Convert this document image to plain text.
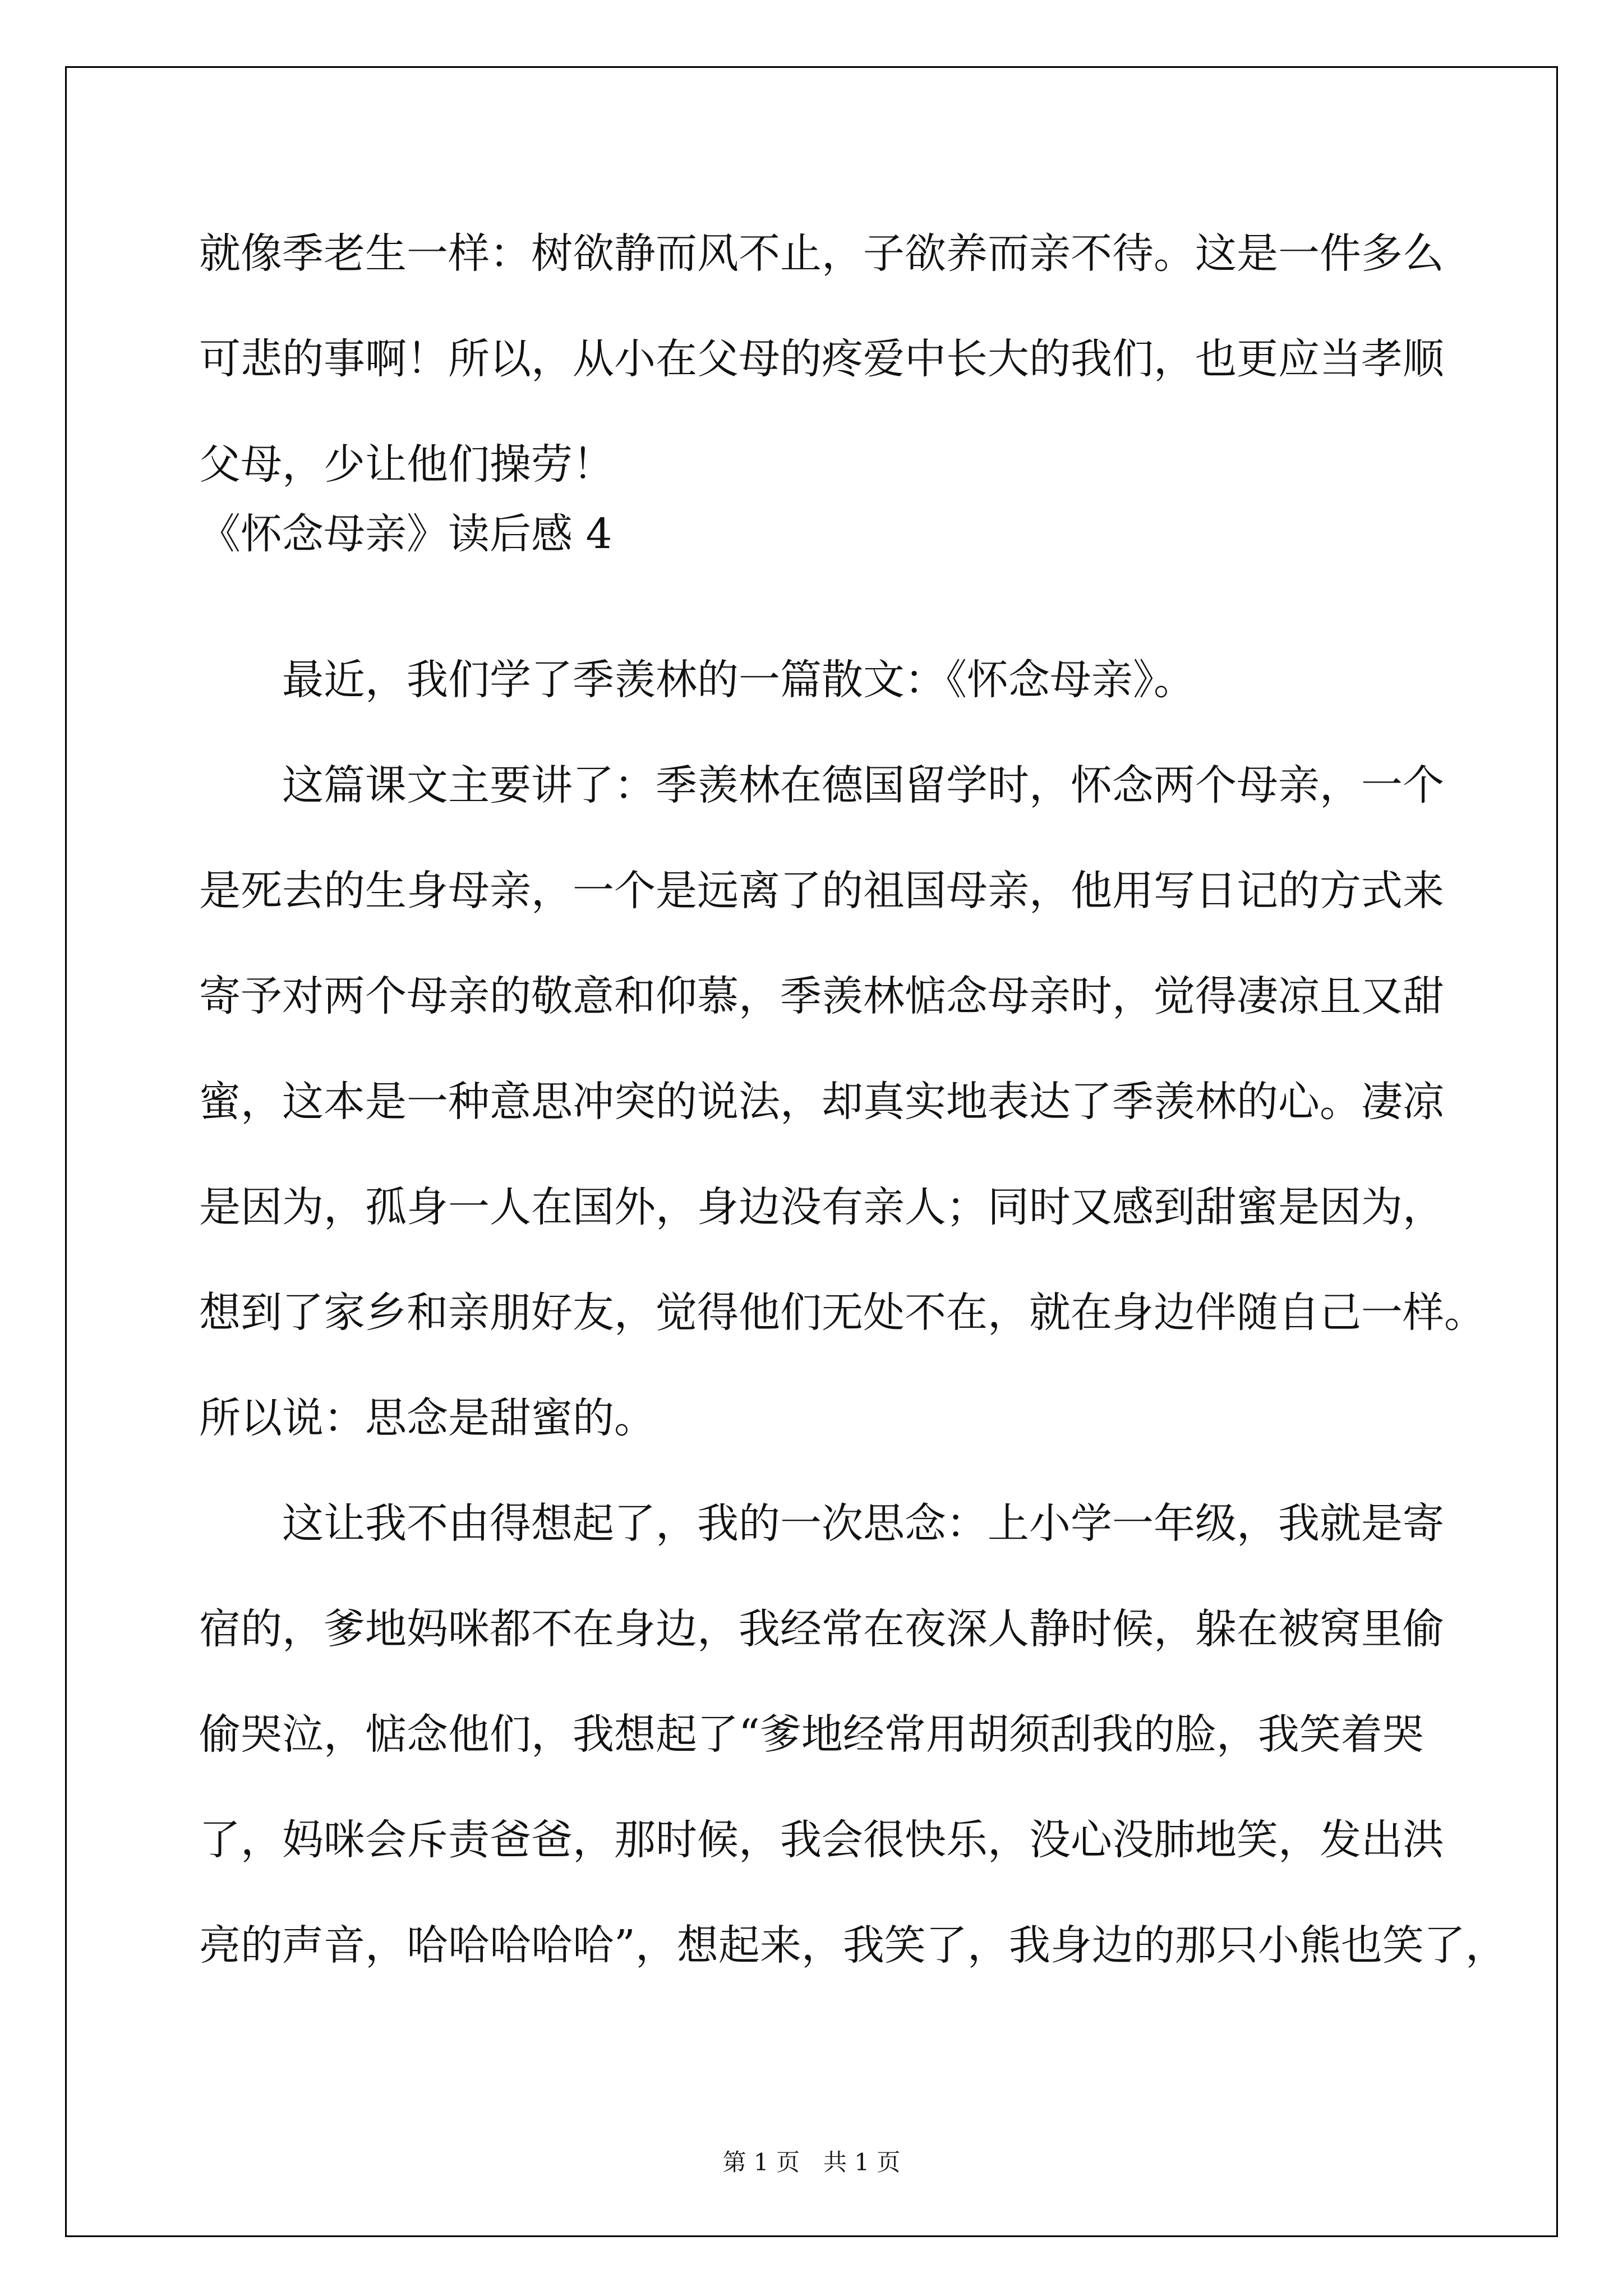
就像季老生一样：树欲静而风不止，子欲养而亲不待。这是一件多么
可悲的事啊！所以，从小在父母的疼爱中长大的我们，也更应当孝顺
父母，少让他们操劳！
《怀念母亲》读后感 4
最近，我们学了季羡林的一篇散文：《怀念母亲》。
这篇课文主要讲了：季羡林在德国留学时，怀念两个母亲，一个
是死去的生身母亲，一个是远离了的祖国母亲，他用写日记的方式来
寄予对两个母亲的敬意和仰慕，季羡林惦念母亲时，觉得凄凉且又甜
蜜，这本是一种意思冲突的说法，却真实地表达了季羡林的心。凄凉
是因为，孤身一人在国外，身边没有亲人；同时又感到甜蜜是因为，
想到了家乡和亲朋好友，觉得他们无处不在，就在身边伴随自己一样。
所以说：思念是甜蜜的。
这让我不由得想起了，我的一次思念：上小学一年级，我就是寄
宿的，爹地妈咪都不在身边，我经常在夜深人静时候，躲在被窝里偷
偷哭泣，惦念他们，我想起了“爹地经常用胡须刮我的脸，我笑着哭
了，妈咪会斥责爸爸，那时候，我会很快乐，没心没肺地笑，发出洪
亮的声音，哈哈哈哈哈”，想起来，我笑了，我身边的那只小熊也笑了，
第 1 页　共 1 页
